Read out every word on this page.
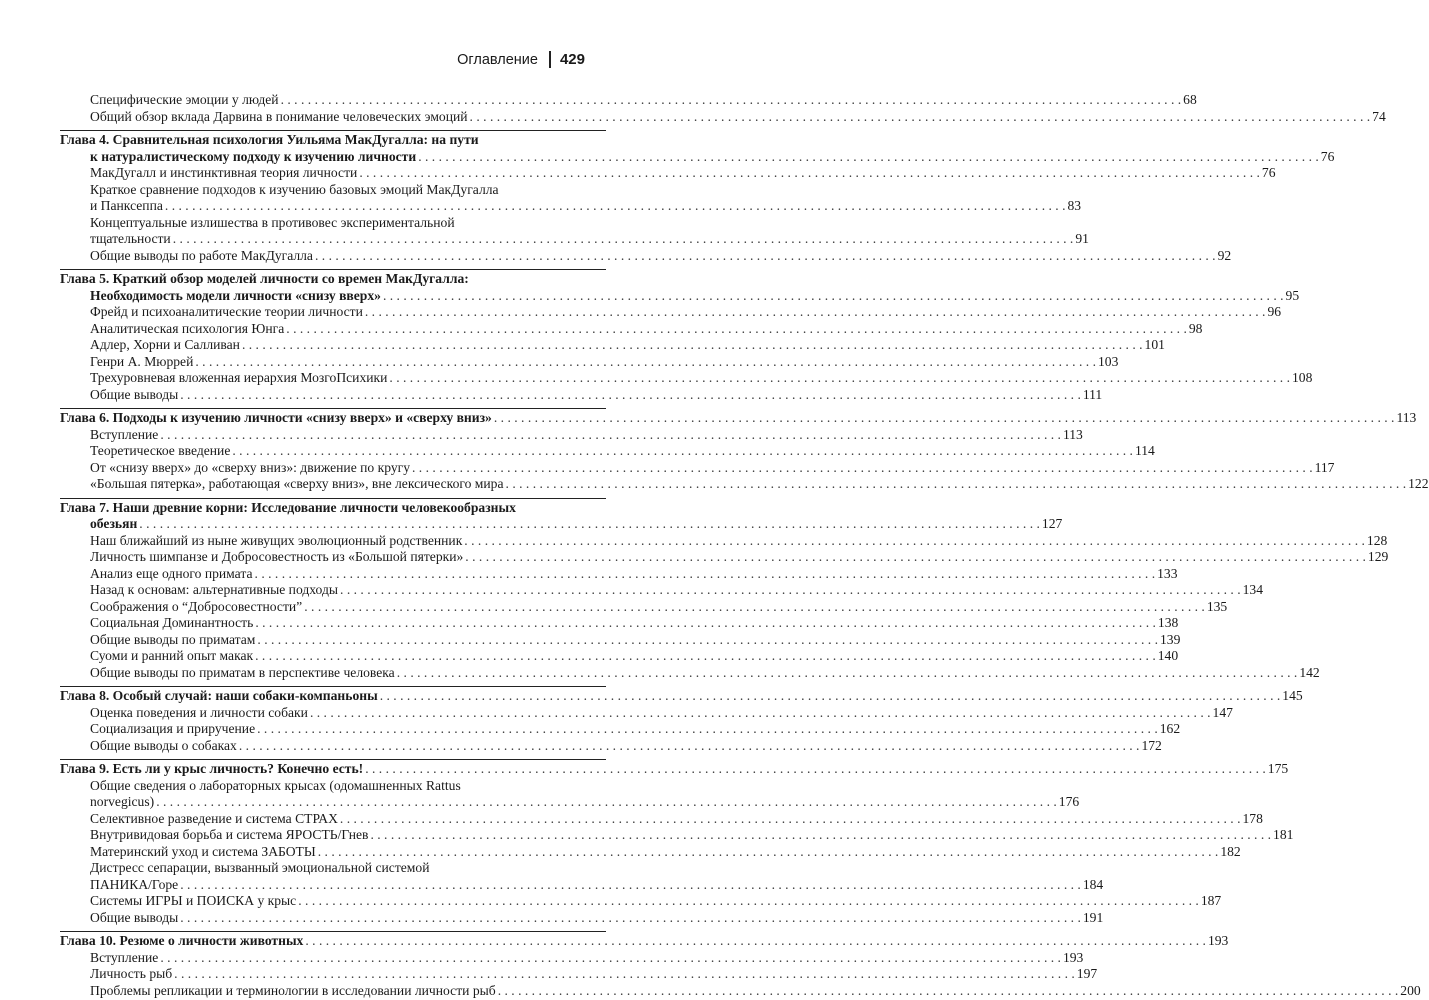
Оглавление 429
Специфические эмоции у людей . . .	68
Общий обзор вклада Дарвина в понимание человеческих эмоций . . .	74
Глава 4. Сравнительная психология Уильяма МакДугалла: на пути
к натуралистическому подходу к изучению личности . . .	76
МакДугалл и инстинктивная теория личности . . .	76
Краткое сравнение подходов к изучению базовых эмоций МакДугалла
и Панксеппа . . .	83
Концептуальные излишества в противовес экспериментальной
тщательности . . .	91
Общие выводы по работе МакДугалла . . .	92
Глава 5. Краткий обзор моделей личности со времен МакДугалла:
Необходимость модели личности «снизу вверх» . . .	95
Фрейд и психоаналитические теории личности . . .	96
Аналитическая психология Юнга . . .	98
Адлер, Хорни и Салливан . . .	101
Генри А. Мюррей . . .	103
Трехуровневая вложенная иерархия МозгоПсихики . . .	108
Общие выводы . . .	111
Глава 6. Подходы к изучению личности «снизу вверх» и «сверху вниз» . . .	113
Вступление . . .	113
Теоретическое введение . . .	114
От «снизу вверх» до «сверху вниз»: движение по кругу . . .	117
«Большая пятерка», работающая «сверху вниз», вне лексического мира . . .	122
Глава 7. Наши древние корни: Исследование личности человекообразных
обезьян . . .	127
Наш ближайший из ныне живущих эволюционный родственник . . .	128
Личность шимпанзе и Добросовестность из «Большой пятерки» . . .	129
Анализ еще одного примата . . .	133
Назад к основам: альтернативные подходы . . .	134
Соображения о “Добросовестности” . . .	135
Социальная Доминантность . . .	138
Общие выводы по приматам . . .	139
Суоми и ранний опыт макак . . .	140
Общие выводы по приматам в перспективе человека . . .	142
Глава 8. Особый случай: наши собаки-компаньоны . . .	145
Оценка поведения и личности собаки . . .	147
Социализация и приручение . . .	162
Общие выводы о собаках . . .	172
Глава 9. Есть ли у крыс личность? Конечно есть! . . .	175
Общие сведения о лабораторных крысах (одомашненных Rattus
norvegicus) . . .	176
Селективное разведение и система СТРАХ . . .	178
Внутривидовая борьба и система ЯРОСТЬ/Гнев . . .	181
Материнский уход и система ЗАБОТЫ . . .	182
Дистресс сепарации, вызванный эмоциональной системой
ПАНИКА/Горе . . .	184
Системы ИГРЫ и ПОИСКА у крыс . . .	187
Общие выводы . . .	191
Глава 10. Резюме о личности животных . . .	193
Вступление . . .	193
Личность рыб . . .	197
Проблемы репликации и терминологии в исследовании личности рыб . . .	200
